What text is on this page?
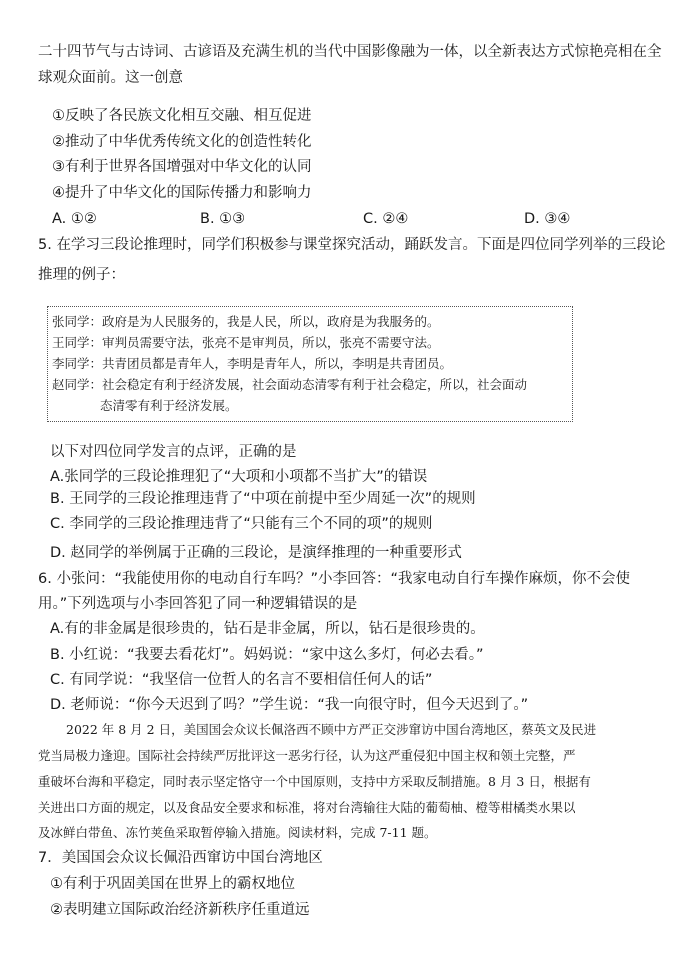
二十四节气与古诗词、古谚语及充满生机的当代中国影像融为一体，以全新表达方式惊艳亮相在全
球观众面前。这一创意
①反映了各民族文化相互交融、相互促进
②推动了中华优秀传统文化的创造性转化
③有利于世界各国增强对中华文化的认同
④提升了中华文化的国际传播力和影响力
A. ①②	B. ①③	C. ②④	D. ③④
5. 在学习三段论推理时，同学们积极参与课堂探究活动，踊跃发言。下面是四位同学列举的三段论
推理的例子：
张同学：政府是为人民服务的，我是人民，所以，政府是为我服务的。
王同学：审判员需要守法，张亮不是审判员，所以，张亮不需要守法。
李同学：共青团员都是青年人，李明是青年人，所以，李明是共青团员。
赵同学：社会稳定有利于经济发展，社会面动态清零有利于社会稳定，所以，社会面动
态清零有利于经济发展。
以下对四位同学发言的点评，正确的是
A.张同学的三段论推理犯了“大项和小项都不当扩大”的错误
B. 王同学的三段论推理违背了“中项在前提中至少周延一次”的规则
C. 李同学的三段论推理违背了“只能有三个不同的项”的规则
D. 赵同学的举例属于正确的三段论，是演绎推理的一种重要形式
6. 小张问：“我能使用你的电动自行车吗？”小李回答：“我家电动自行车操作麻烦，你不会使
用。”下列选项与小李回答犯了同一种逻辑错误的是
A.有的非金属是很珍贵的，钻石是非金属，所以，钻石是很珍贵的。
B. 小红说：“我要去看花灯”。妈妈说：“家中这么多灯，何必去看。”
C. 有同学说：“我坚信一位哲人的名言不要相信任何人的话”
D. 老师说：“你今天迟到了吗？”学生说：“我一向很守时，但今天迟到了。”
2022 年 8 月 2 日，美国国会众议长佩洛西不顾中方严正交涉窜访中国台湾地区，蔡英文及民进
党当局极力逢迎。国际社会持续严厉批评这一恶劣行径，认为这严重侵犯中国主权和领土完整，严
重破坏台海和平稳定，同时表示坚定恪守一个中国原则，支持中方采取反制措施。8 月 3 日，根据有
关进出口方面的规定，以及食品安全要求和标准，将对台湾输往大陆的葡萄柚、橙等柑橘类水果以
及冰鲜白带鱼、冻竹荚鱼采取暂停输入措施。阅读材料，完成 7-11 题。
7．美国国会众议长佩沿西窜访中国台湾地区
①有利于巩固美国在世界上的霸权地位
②表明建立国际政治经济新秩序任重道远
